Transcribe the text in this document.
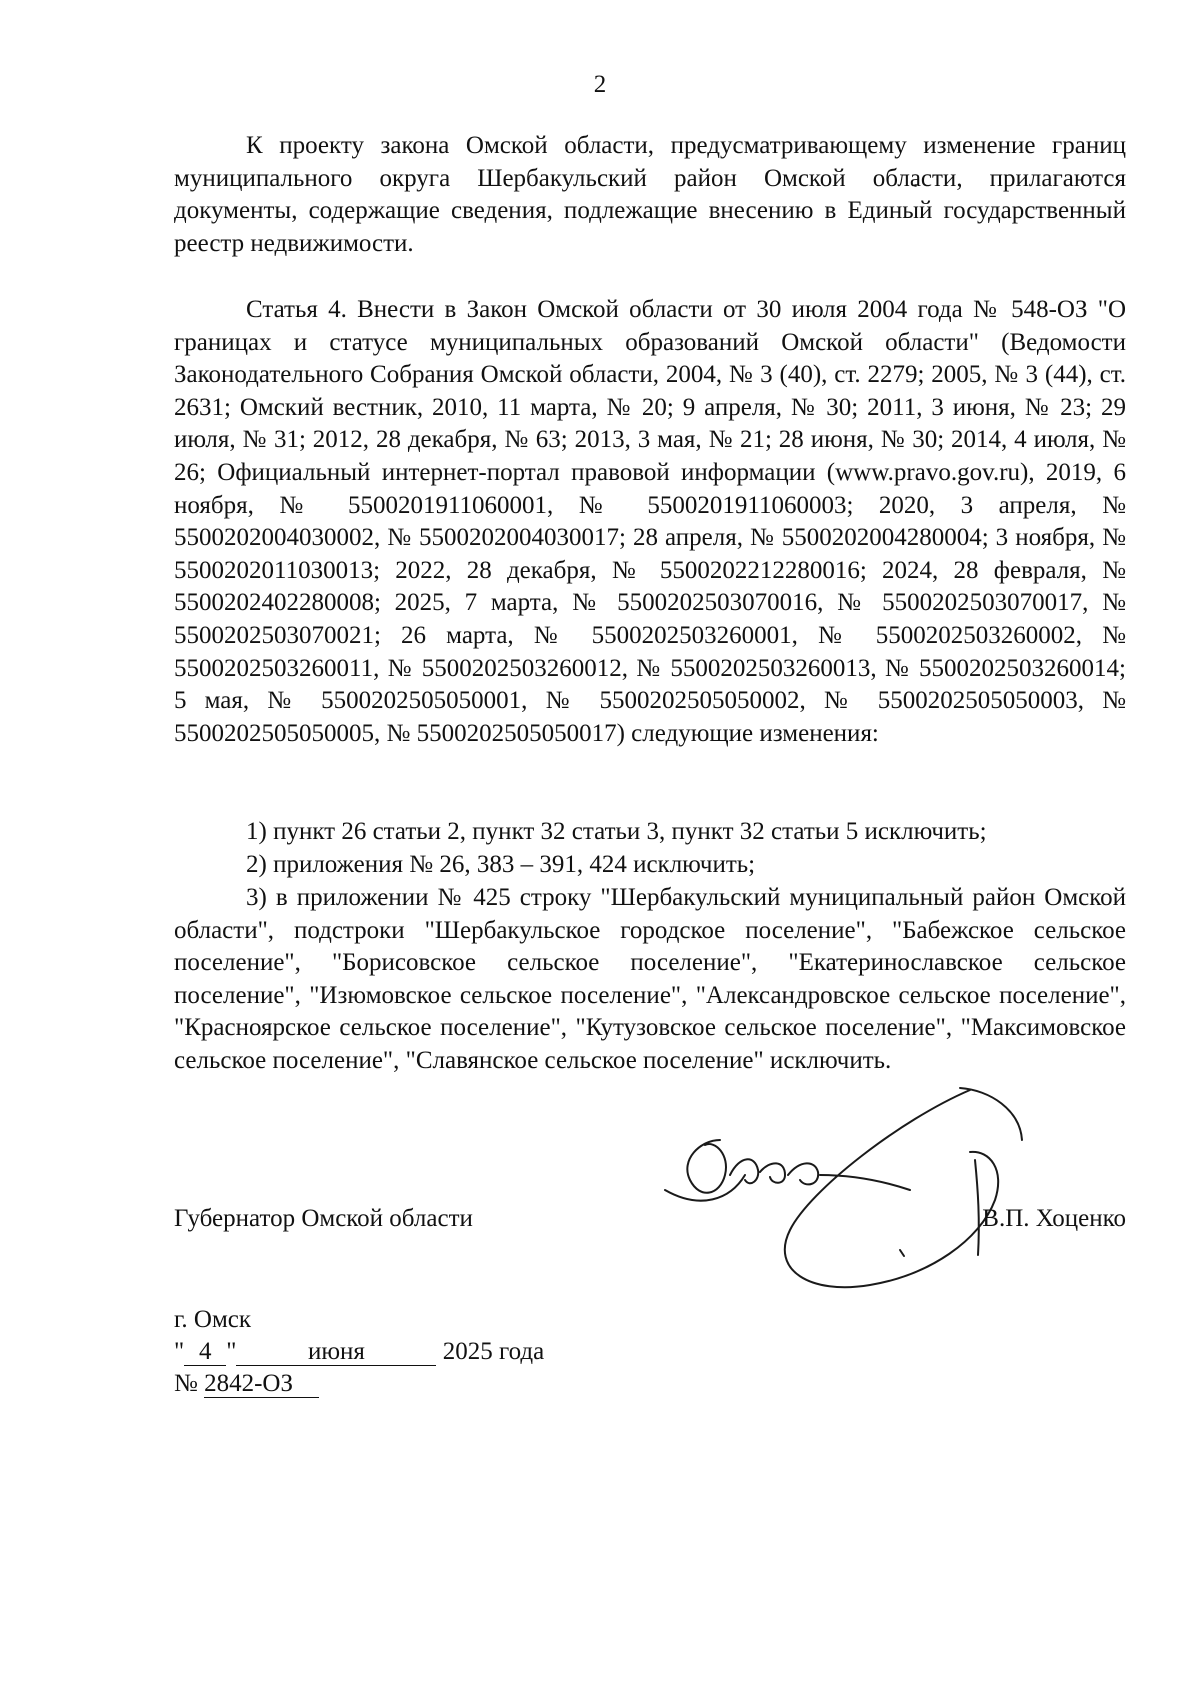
2

К проекту закона Омской области, предусматривающему изменение границ муниципального округа Шербакульский район Омской области, прилагаются документы, содержащие сведения, подлежащие внесению в Единый государственный реестр недвижимости.

Статья 4. Внести в Закон Омской области от 30 июля 2004 года № 548-ОЗ "О границах и статусе муниципальных образований Омской области" (Ведомости Законодательного Собрания Омской области, 2004, № 3 (40), ст. 2279; 2005, № 3 (44), ст. 2631; Омский вестник, 2010, 11 марта, № 20; 9 апреля, № 30; 2011, 3 июня, № 23; 29 июля, № 31; 2012, 28 декабря, № 63; 2013, 3 мая, № 21; 28 июня, № 30; 2014, 4 июля, № 26; Официальный интернет-портал правовой информации (www.pravo.gov.ru), 2019, 6 ноября, № 5500201911060001, № 5500201911060003; 2020, 3 апреля, № 5500202004030002, № 5500202004030017; 28 апреля, № 5500202004280004; 3 ноября, № 5500202011030013; 2022, 28 декабря, № 5500202212280016; 2024, 28 февраля, № 5500202402280008; 2025, 7 марта, № 5500202503070016, № 5500202503070017, № 5500202503070021; 26 марта, № 5500202503260001, № 5500202503260002, № 5500202503260011, № 5500202503260012, № 5500202503260013, № 5500202503260014; 5 мая, № 5500202505050001, № 5500202505050002, № 5500202505050003, № 5500202505050005, № 5500202505050017) следующие изменения:

1) пункт 26 статьи 2, пункт 32 статьи 3, пункт 32 статьи 5 исключить;

2) приложения № 26, 383 – 391, 424 исключить;

3) в приложении № 425 строку "Шербакульский муниципальный район Омской области", подстроки "Шербакульское городское поселение", "Бабежское сельское поселение", "Борисовское сельское поселение", "Екатеринославское сельское поселение", "Изюмовское сельское поселение", "Александровское сельское поселение", "Красноярское сельское поселение", "Кутузовское сельское поселение", "Максимовское сельское поселение", "Славянское сельское поселение" исключить.

Губернатор Омской области	В.П. Хоценко
г. Омск
" 4 "	июня	2025 года
№ 2842-ОЗ
